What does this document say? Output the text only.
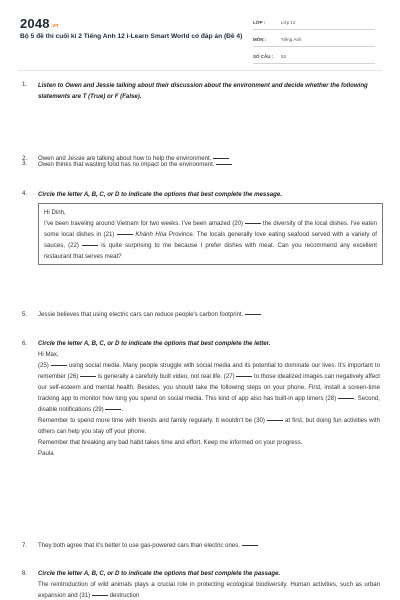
$2048^{.vn}$
Bộ 5 đề thi cuối kì 2 Tiếng Anh 12 i-Learn Smart World có đáp án (Đề 4)
LỚP :	Lớp 12
MÔN :	Tiếng Anh
SỐ CÂU :	53
1. Listen to Owen and Jessie talking about their discussion about the environment and decide whether the following statements are T (True) or F (False).
2. Owen and Jessie are talking about how to help the environment.
3. Owen thinks that wasting food has no impact on the environment.
4. Circle the letter A, B, C, or D to indicate the options that best complete the message.

Hi Dinh,

I've been traveling around Vietnam for two weeks. I've been amazed (20)	the diversity of the local dishes. I've eaten some local dishes in (21)	Khánh Hòa Province. The locals generally love eating seafood served with a variety of sauces, (22)	is quite surprising to me because I prefer dishes with meat. Can you recommend any excellent restaurant that serves meat?

5. Jessie believes that using electric cars can reduce people's carbon footprint.
6. Circle the letter A, B, C, or D to indicate the options that best complete the letter.

Hi Max,

(25)	using social media. Many people struggle with social media and its potential to dominate our lives. It's important to remember (26)	is generally a carefully built video, not real life. (27)	to those idealized images can negatively affect our self-esteem and mental health. Besides, you should take the following steps on your phone. First, install a screen-time tracking app to monitor how long you spend on social media. This kind of app also has built-in app timers (28)	. Second, disable notifications (29)	.

Remember to spend more time with friends and family regularly. It wouldn't be (30)	at first, but doing fun activities with others can help you stay off your phone.

Remember that breaking any bad habit takes time and effort. Keep me informed on your progress.

Paula

7. They both agree that it's better to use gas-powered cars than electric ones.
8. Circle the letter A, B, C, or D to indicate the options that best complete the passage.
The reintroduction of wild animals plays a crucial role in protecting ecological biodiversity. Human activities, such as urban expansion and (31)	destruction
